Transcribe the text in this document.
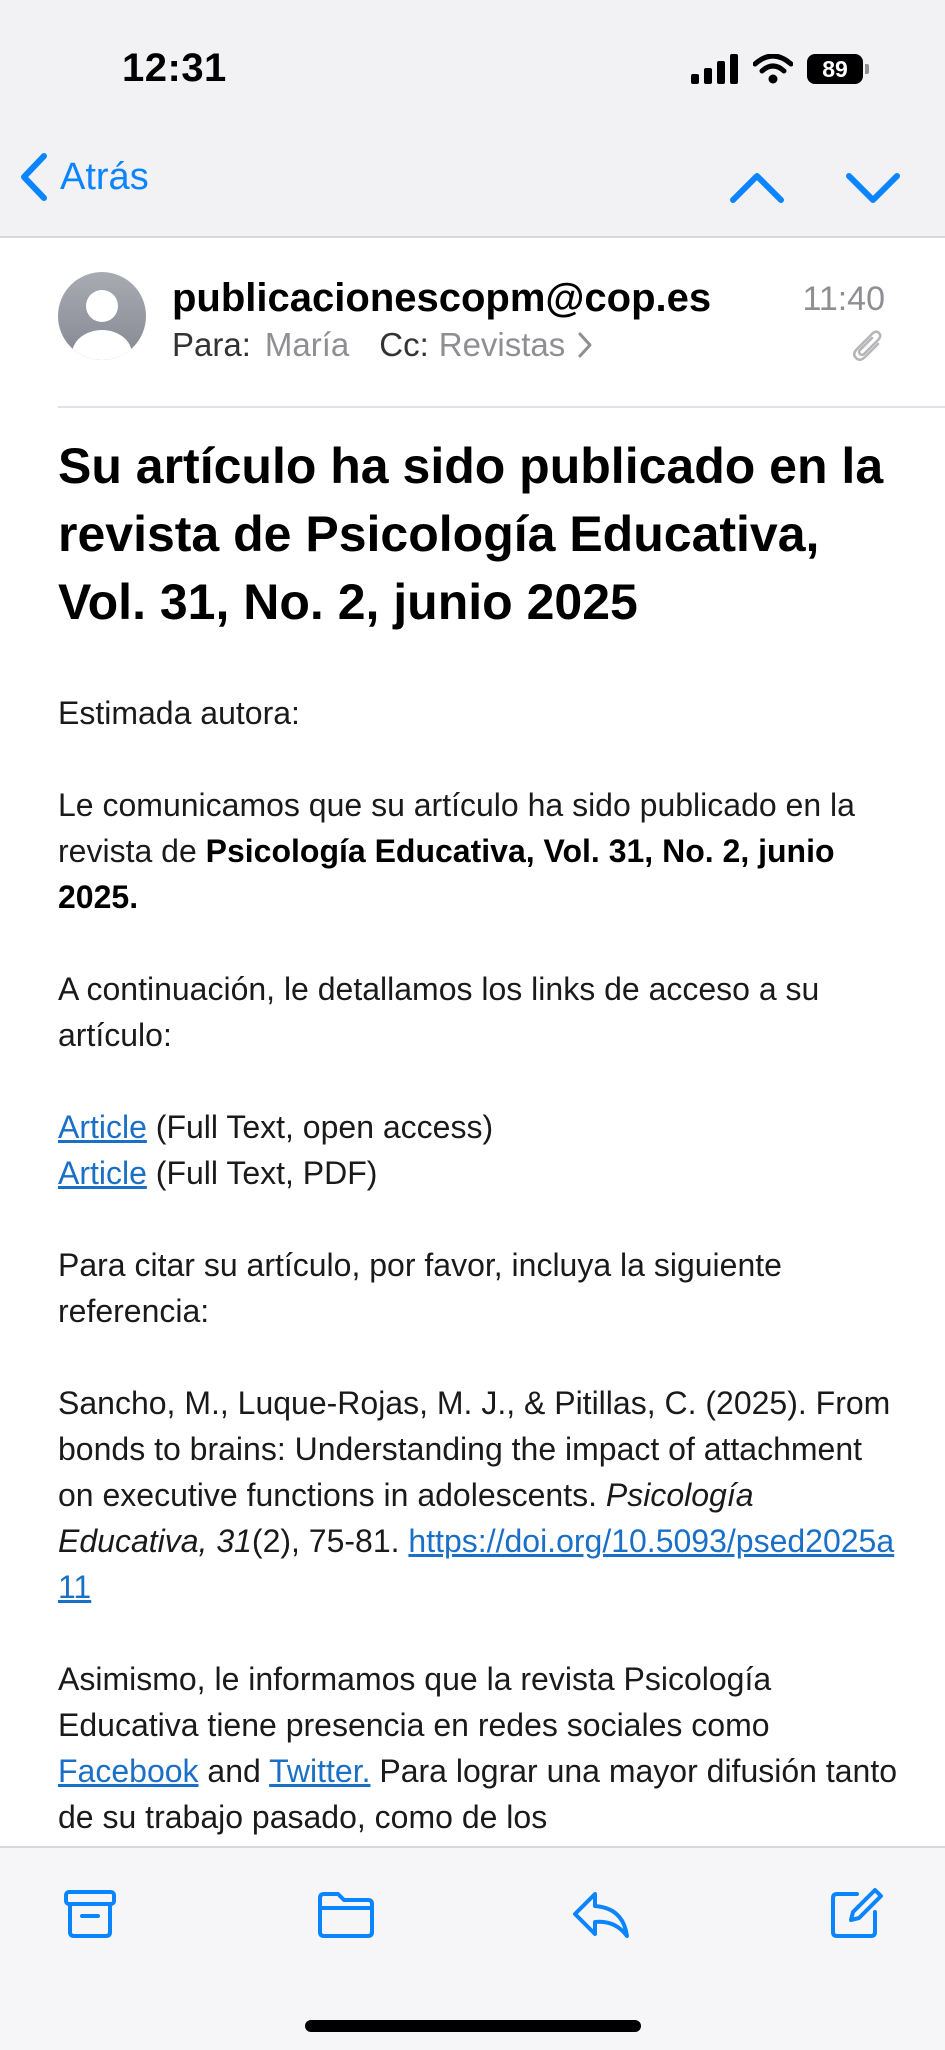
12:31	89
Atrás
publicacionescopm@cop.es	11:40
Para: María Cc: Revistas
Su artículo ha sido publicado en la revista de Psicología Educativa, Vol. 31, No. 2, junio 2025

Estimada autora:

Le comunicamos que su artículo ha sido publicado en la revista de Psicología Educativa, Vol. 31, No. 2, junio 2025.

A continuación, le detallamos los links de acceso a su artículo:

Article (Full Text, open access)
Article (Full Text, PDF)

Para citar su artículo, por favor, incluya la siguiente referencia:

Sancho, M., Luque-Rojas, M. J., & Pitillas, C. (2025). From bonds to brains: Understanding the impact of attachment on executive functions in adolescents. Psicología Educativa, 31(2), 75-81. https://doi.org/10.5093/psed2025a11

Asimismo, le informamos que la revista Psicología Educativa tiene presencia en redes sociales como Facebook and Twitter. Para lograr una mayor difusión tanto de su trabajo pasado, como de los
